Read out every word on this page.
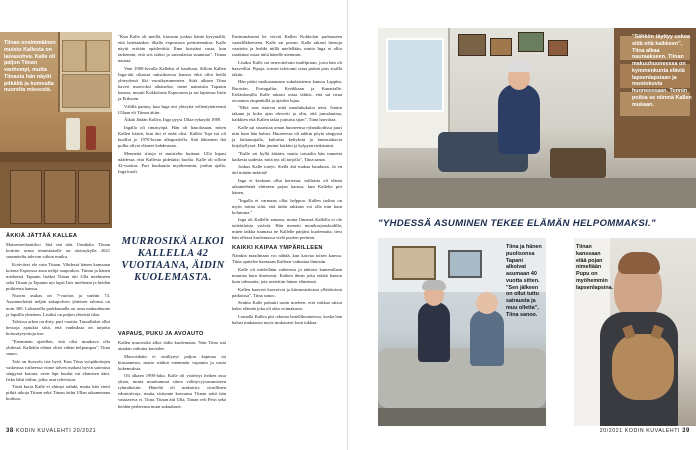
Tiinan ensimmäinen muisto Kallesta on laivasohva. Kalle oli paljon Tiinan vanhempi, mutta Tiinasta hän näytti pitkältä ja komealta nuorelta miesestä.
ÄKKIÄ JÄTTÄÄ KALLEA

Maisemreilaattiloo. Sitä sen tätä. Uunikala. Tiinan kotiriin sensa tömästukolle on aloituykylla 2021 suunniteltu tulevan vitkon muiku.

Kotiviiset ole vain Tiinan. Vihdessä hänen kanssaan kotona Espoossa asuu nelijä suupoikoa. Tiinan ja hänen miehensä Tapanin lisäksi Tiinan äiti Ulla miehineen sekä Tiinan ja Tapanin nyt lapsi Iiris miehensä ja heidän poikiensa kanssa.

Nuorin asukas on 7-vuotias ja vanhin 74. Asuinmeleistä neljän sukupolven yhteisen talonsa on noin 300. Lokaasella parkkumalla on oma makuuhuone ja lapsilla yhteinen. Lisäksi on paljon yhteistä tilaa.

Taloissa arkea on dirty, puri vuottia. Tasoallakoi ollut hessoja ajatukia siitä, että vanhuksia on tarjottu hoitosäyeysitoja itse.

"Enemmän ajatellen, että olisi muukava olla yhdessä. Kallekin elämä oliiet vähän helpompaa", Tiina sanoo.

Talo on Suavolo itse hyvä. Kun Tiina syöpähoitojen vaikeassa vaiheessa viime talven makasi hyvin saiteuisa sängyssä kotona, oven läpi kuului vat elamisen ääni. Iiska lähti töihin, jotka asui television.

Tästä koria Kalle ei ehtinyt nähdä, mutta hän vietti pitkiä aikoja Tiinan sekä Tiinan äidin Ullan aikamenana kodissa.

"Kun Kalle oli meillä, kiusasin joskus häntä kysymällä, että lattetaankos ilkalla expostasta perinteenaksa. Kalle näytti erittäin epäileväitä. Ilme kiristäni vasta, kun tarkennin, että siis isäksi ja sanoulaisia suunniaa", Tiinaa nauraa.

Vain 1980-luvulla Kalleksi el kaulitaat. Silloin Kallen Inga-äiti rikastui suksiikoessa kanssa eikä ollut heillä yhteydessä liki vuosikymmeneen. Siitä alkaen Tiina kaveri muovoksi aikaiseksi, mene naimisiin Tapanin kanssa, muutti Kokkolasta Espooseen ja sai lapsensa Iiirin ja Erikssen.

Välillä pantuy, kun Inga otti yhteyttä vellentyttäreensä Ullaan eli Tiinan äitiin.

Äikää Jätään Kallea, Inga pyysi Ullaa eykaydä 1989.

Ingalla oli rintasyöpä. Hän oli hauolasaan, miten Kallen käävä, kun äiti ei enää olisi. Kallen Topi isä oli kuollut jo 1970-luvun alkupuolella. Sitä lähtenien ikä polku olivat eläneet kahdestaan.

Menneitä riitoja ei muisteltu kuitaan. Ulla lupasi näädessa, että Kallesta pidettäisi huolta. Kalle oli silloin 42-vuotias. Pari kuukautta myöhemmin, joulun ajalla, Inga kuoli.

MURROSIKÄ ALKOI KALLELLA 42 VUOTIAANA, ÄIDIN KUOLEMASTA.
VAPAUS, PUKU JA AVOAUTO

Kallen murrosikä alkoi äidin kuolemasta. Niin Tiina sitä ainakin vaikutta kuvailee.

Murrosikäin ei sisältynyt paljon kapinaa tai kiusaamista, mutta sitäkin enemmän vapautta ja uusia kokemuksia.

Oli alkaen 1990-luku. Kalle oli ystävityi hetken assa yksin, mutta muuttamuut sitten välittyvyysasumiseen ryhmäkotiin. Häneltä oli makuttiry viruillinen edunvalvoja, mutta sisitynne kasvansa Tiinan sekä tiän vastaaviva vt. Tiina. Tiinan äiti Ulla, Tiinan veli Petri sekä heidän perheensa muut sukualaset.

Ensimmäisenä he veivät Kallen Kokkolan parhaaseen vaatelilkkeeseen. Kalle sai puvun. Kalle rakasti hienoja vaatteita ja leuhki niillä mielellään, mutta Inga ei ollut raaskinut ostaa niitä hänelle aiemmin.

Lisäksi Kalle sai neuvottelrain tuulilpruun, josta hän oli haaveillut. Pipoja, toisset talvionni ottaa päästä pois sisällä takiin.

Hän pääsi matkustamaan sukulaistensa kanssa Lappiin, Ruotsiin, Portugaliin, Kreikkaan ja Kanarialle. Etelänlomilla Kalle rakasti ostaa tähtisi, että sai istua avoauton etupenkillä ja ajettiin lujaa.

"Mitä taas istuivat niitä muulukukuita tetsä. Istutin takana ja koko ajan ohvertti ja olin, että jumalauttaa, kaikkien että Kallen takia joutuisa sijan", Tiina harvittaa.

Kalle sai sisaristaa oman huoneensa ryhmäkodissa juuri niin kuin hän halusi. Huoneessa oli tahkin pöytä sängyssä ja lattianrajalla, kultaisia kehyksiä ja fantasiakuvia kirjahyllyssä. Hän juuttui kärkiin ja kylpytarvinkäsinsä.

"Kalle sai kyllä äitiään, mutta toisaalta hän tunnetai kaikesta uudesta, mitä nyt oli tarjolla", Tiina sanoo.

Joskus Kalle toteyt: Siellä äiti makaa haudassa. Ja en äiti mitään määrää!

Inga ei koskaan ollut kertonut, millaista oli elämä aikamiehenä ehtineen pojan kanssa, kun Kallelta piti hänen.

"Ingalla ei varmaan ollut helppoa. Kallen tarlina on myös tarina siitä, että äidin rakkaus voi olla niin kuin kolumnia."

Inga oli Kallelle antuara, mutta Ilmansä Kallella ei ole taiteinlaisia ystäviä. Hän menetti monikorjouskodilla, miten taikka tuumasa ne Kallelle pärjäisi kuolematta, tiesi hän ollessa kuolemassa vielä puolen perheen.

KAIKKI KAIPAA YMPÄRILLEEN

Näinkin maailmaan voi nähdä, kun kasvaa toisen kanssa. Tiina ajattelee kanssaan Kalleen vaikuttaa ihmisiin.

Kalle oli mielellään vaiheessa ja tahtoisi kamerallaan muuttaa kuin ilmeisesti. Kaiken ihmis joku eräätä kanssa kuin tulematta, jota asetettiin hänen elämänsä.

Kallen haaveet kasvoivat ja kiinnostuksista yllättävässä paikoissa", Tiina sanoo.

Senkin Kalle palautti usein mieleen, että vatikaa niissa kaksi elämää joka oli aika voimakasta.

Lomalla Kallea piti odottaa hotellihuoneessa, koska hän halusi mukaansa myös mukavasti kuin tukkaa.

38 KODIN KUVALEHTI 20/2021
"Sähkön täyttyy uskoa siitä että kaikkeen", Tiina alkaa nauraakseen. Tiinan makuuhuoneessa on kymmenkunta eläviä lapsenlapsiaan ja muotokuvia huoneessaan. Tonnin poikia se niinmä Kallen mukaan.
"YHDESSÄ ASUMINEN TEKEE ELÄMÄN HELPOMMAKSI."
Tiina ja hänen puolisonsa Tapani alkoivat asumaan 40 vuotta sitten. "Sen jälkeen on ollut tuttu sairausta ja muu olletta", Tiina sanoo.
Tiinan kanssaan elää pojan nimeltään Pupu on myöhemmin lapsenlapsina.
20/2021 KODIN KUVALEHTI 39
